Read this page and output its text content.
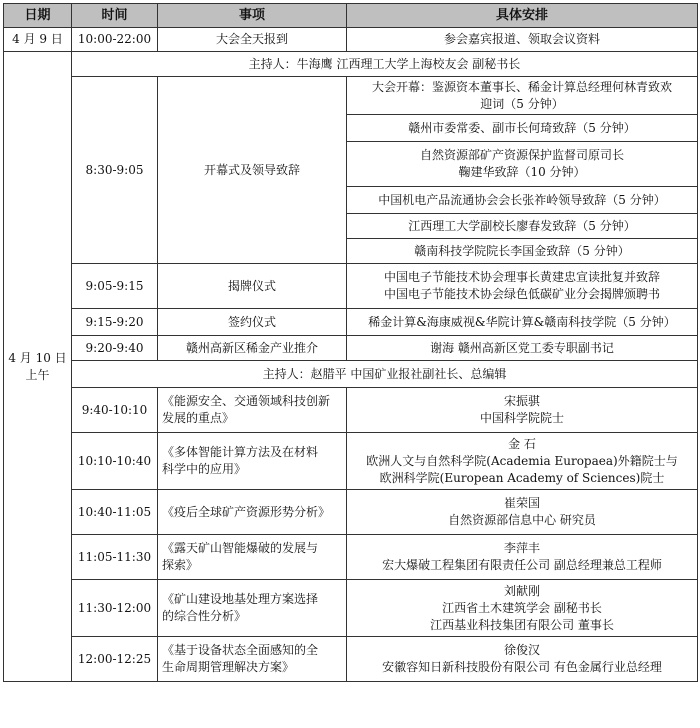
日期	时间	事项	具体安排
4 月 9 日	10:00-22:00	大会全天报到	参会嘉宾报道、领取会议资料

4 月 10 日
上午	主持人：牛海鹰 江西理工大学上海校友会 副秘书长		
	8:30-9:05	开幕式及领导致辞	大会开幕：鉴源资本董事长、稀金计算总经理何林青致欢
迎词（5 分钟）

			赣州市委常委、副市长何琦致辞（5 分钟）

			自然资源部矿产资源保护监督司原司长
鞠建华致辞（10 分钟）

			中国机电产品流通协会会长张祚岭领导致辞（5 分钟）
			江西理工大学副校长廖春发致辞（5 分钟）
			赣南科技学院院长李国金致辞（5 分钟）
	9:05-9:15	揭牌仪式	中国电子节能技术协会理事长黄建忠宣读批复并致辞
中国电子节能技术协会绿色低碳矿业分会揭牌颁聘书

	9:15-9:20	签约仪式	稀金计算&海康威视&华院计算&赣南科技学院（5 分钟）
	9:20-9:40	赣州高新区稀金产业推介	谢海 赣州高新区党工委专职副书记
	主持人：赵腊平 中国矿业报社副社长、总编辑		
	9:40-10:10	《能源安全、交通领域科技创新
发展的重点》	宋振骐
中国科学院院士

	10:10-10:40	《多体智能计算方法及在材料
科学中的应用》	金 石
欧洲人文与自然科学院(Academia Europaea)外籍院士与
欧洲科学院(European Academy of Sciences)院士

	10:40-11:05	《疫后全球矿产资源形势分析》	崔荣国
自然资源部信息中心 研究员

	11:05-11:30	《露天矿山智能爆破的发展与
探索》	李萍丰
宏大爆破工程集团有限责任公司 副总经理兼总工程师

	11:30-12:00	《矿山建设地基处理方案选择
的综合性分析》	刘献刚
江西省土木建筑学会 副秘书长
江西基业科技集团有限公司 董事长

	12:00-12:25	《基于设备状态全面感知的全
生命周期管理解决方案》	徐俊汉
安徽容知日新科技股份有限公司 有色金属行业总经理
